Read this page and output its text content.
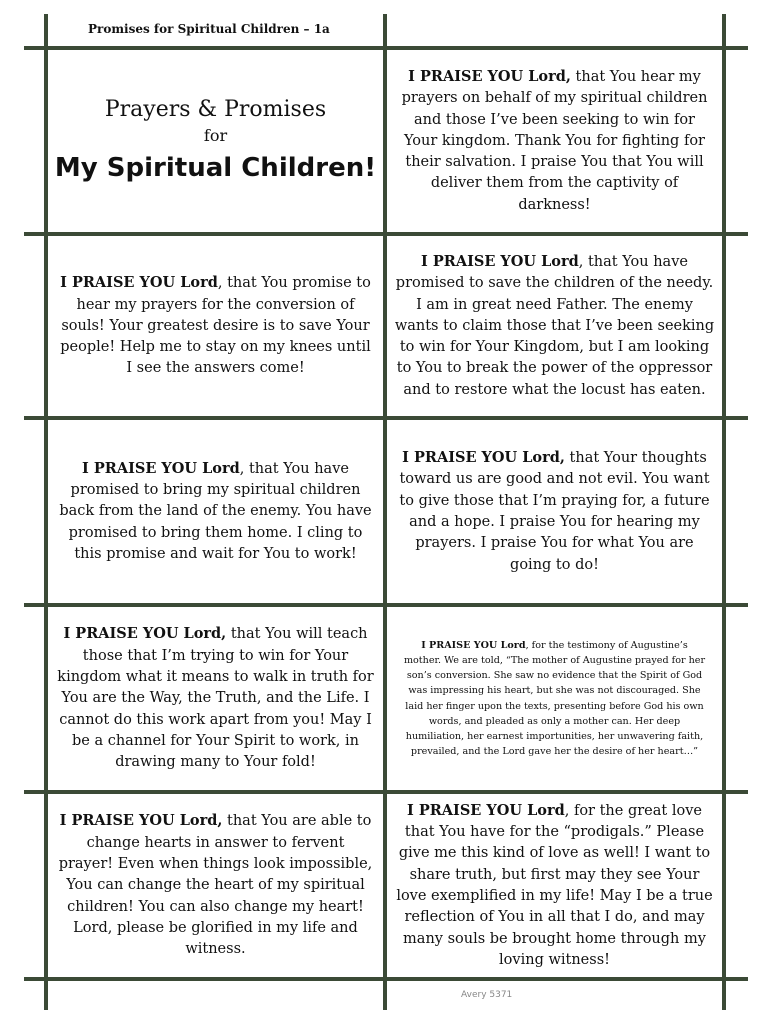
Promises for Spiritual Children – 1a
Prayers & Promises
for
My Spiritual Children!

I PRAISE YOU Lord, that You hear my prayers on behalf of my spiritual children and those I’ve been seeking to win for Your kingdom. Thank You for fighting for their salvation. I praise You that You will deliver them from the captivity of darkness!

I PRAISE YOU Lord, that You promise to hear my prayers for the conversion of souls! Your greatest desire is to save Your people! Help me to stay on my knees until I see the answers come!

I PRAISE YOU Lord, that You have promised to save the children of the needy. I am in great need Father. The enemy wants to claim those that I’ve been seeking to win for Your Kingdom, but I am looking to You to break the power of the oppressor and to restore what the locust has eaten.

I PRAISE YOU Lord, that You have promised to bring my spiritual children back from the land of the enemy. You have promised to bring them home. I cling to this promise and wait for You to work!

I PRAISE YOU Lord, that Your thoughts toward us are good and not evil. You want to give those that I’m praying for, a future and a hope. I praise You for hearing my prayers. I praise You for what You are going to do!

I PRAISE YOU Lord, that You will teach those that I’m trying to win for Your kingdom what it means to walk in truth for You are the Way, the Truth, and the Life. I cannot do this work apart from you! May I be a channel for Your Spirit to work, in drawing many to Your fold!

I PRAISE YOU Lord, for the testimony of Augustine’s mother. We are told, “The mother of Augustine prayed for her son’s conversion. She saw no evidence that the Spirit of God was impressing his heart, but she was not discouraged. She laid her finger upon the texts, presenting before God his own words, and pleaded as only a mother can. Her deep humiliation, her earnest importunities, her unwavering faith, prevailed, and the Lord gave her the desire of her heart…”

I PRAISE YOU Lord, that You are able to change hearts in answer to fervent prayer! Even when things look impossible, You can change the heart of my spiritual children! You can also change my heart! Lord, please be glorified in my life and witness.

I PRAISE YOU Lord, for the great love that You have for the “prodigals.” Please give me this kind of love as well! I want to share truth, but first may they see Your love exemplified in my life! May I be a true reflection of You in all that I do, and may many souls be brought home through my loving witness!

Avery 5371
